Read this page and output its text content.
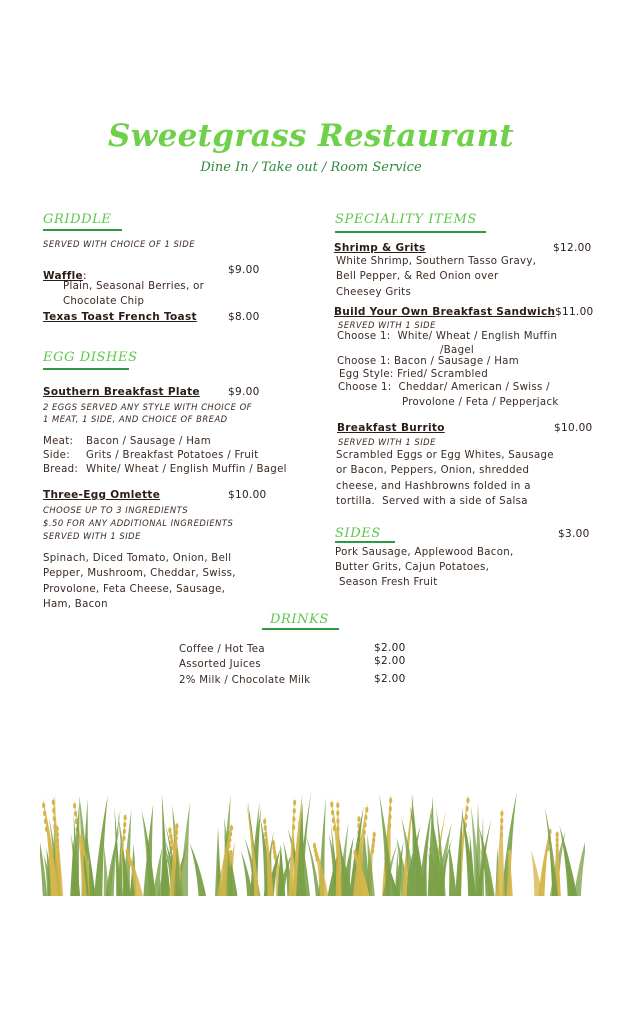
Sweetgrass Restaurant
Dine In / Take out / Room Service
GRIDDLE
SERVED WITH CHOICE OF 1 SIDE
Waffle:	$9.00
Plain, Seasonal Berries, or
Chocolate Chip
Texas Toast French Toast	$8.00
EGG DISHES
Southern Breakfast Plate	$9.00
2 EGGS SERVED ANY STYLE WITH CHOICE OF
1 MEAT, 1 SIDE, AND CHOICE OF BREAD
Meat: Bacon / Sausage / Ham
Side: Grits / Breakfast Potatoes / Fruit
Bread: White/ Wheat / English Muffin / Bagel
Three-Egg Omlette	$10.00
CHOOSE UP TO 3 INGREDIENTS
$.50 FOR ANY ADDITIONAL INGREDIENTS
SERVED WITH 1 SIDE
Spinach, Diced Tomato, Onion, Bell
Pepper, Mushroom, Cheddar, Swiss,
Provolone, Feta Cheese, Sausage,
Ham, Bacon
SPECIALITY ITEMS
Shrimp & Grits	$12.00
White Shrimp, Southern Tasso Gravy,
Bell Pepper, & Red Onion over
Cheesey Grits
Build Your Own Breakfast Sandwich $11.00
SERVED WITH 1 SIDE
Choose 1:  White/ Wheat / English Muffin
/Bagel
Choose 1: Bacon / Sausage / Ham
Egg Style: Fried/ Scrambled
Choose 1:  Cheddar/ American / Swiss /
Provolone / Feta / Pepperjack
Breakfast Burrito	$10.00
SERVED WITH 1 SIDE
Scrambled Eggs or Egg Whites, Sausage
or Bacon, Peppers, Onion, shredded
cheese, and Hashbrowns folded in a
tortilla.  Served with a side of Salsa
SIDES	$3.00
Pork Sausage, Applewood Bacon,
Butter Grits, Cajun Potatoes,
Season Fresh Fruit
DRINKS
Coffee / Hot Tea	$2.00
Assorted Juices	$2.00
2% Milk / Chocolate Milk	$2.00
